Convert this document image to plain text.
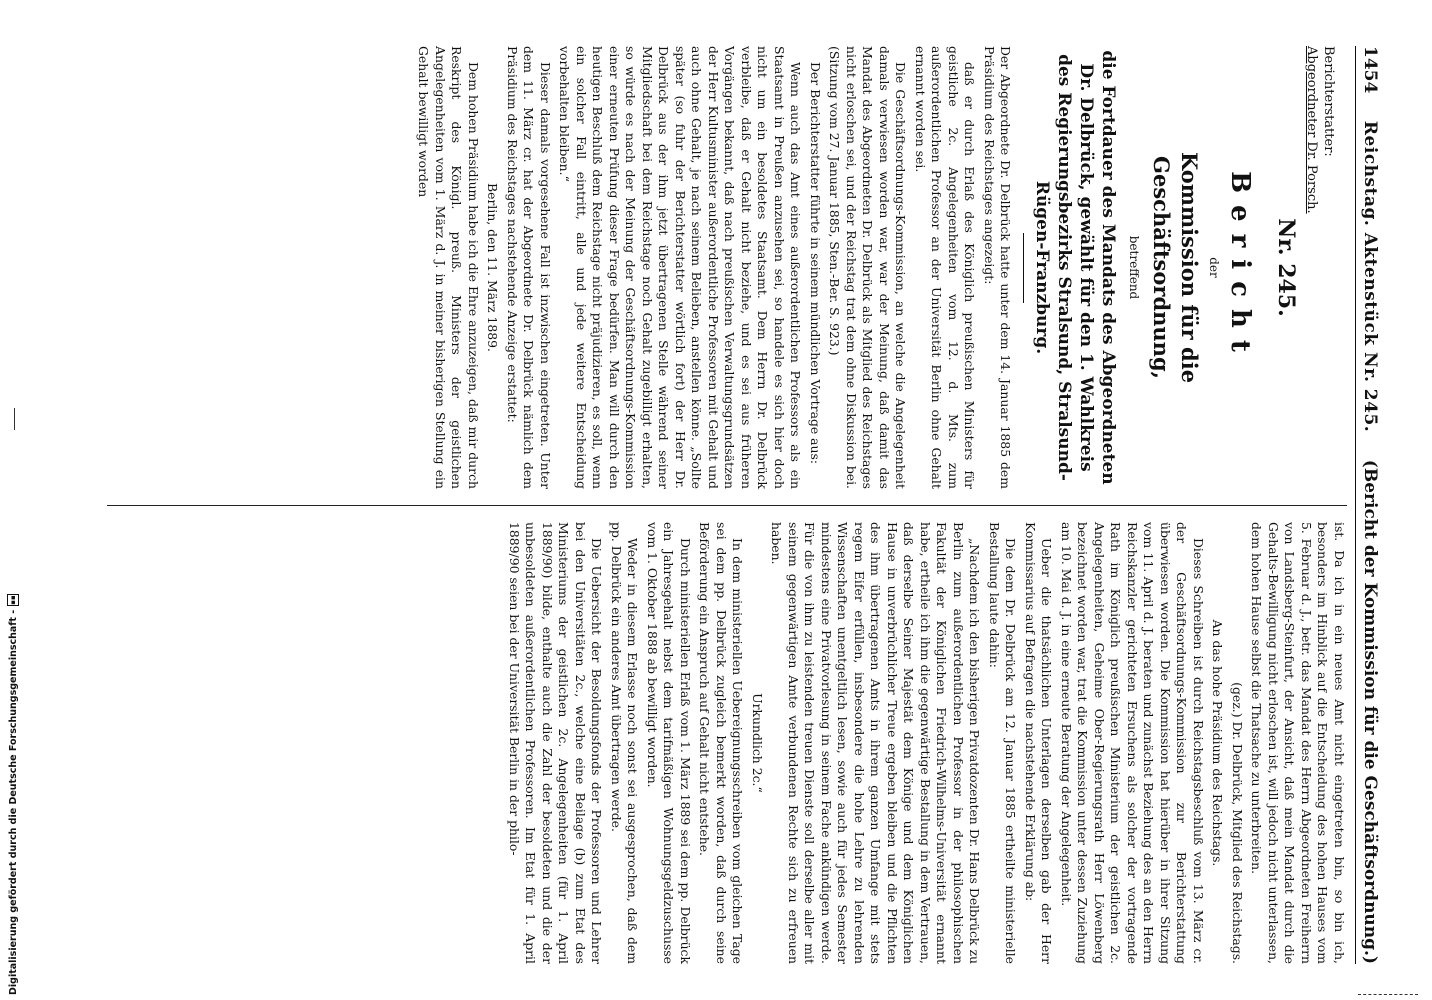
1454
Reichstag. Aktenstück Nr. 245.
(Bericht der Kommission für die Geschäftsordnung.)
Berichterstatter:
Abgeordneter Dr. Porsch.
Nr. 245.
Bericht
der
Kommission für die Geschäftsordnung,
betreffend
die Fortdauer des Mandats des Abgeordneten Dr. Delbrück, gewählt für den 1. Wahlkreis des Regierungsbezirks Stralsund, Stralsund-Rügen-Franzburg.

Der Abgeordnete Dr. Delbrück hatte unter dem 14. Januar 1885 dem Präsidium des Reichstages angezeigt:

daß er durch Erlaß des Königlich preußischen Ministers für geistliche 2c. Angelegenheiten vom 12. d. Mts. zum außerordentlichen Professor an der Universität Berlin ohne Gehalt ernannt worden sei.

Die Geschäftsordnungs-Kommission, an welche die Angelegenheit damals verwiesen worden war, war der Meinung, daß damit das Mandat des Abgeordneten Dr. Delbrück als Mitglied des Reichstages nicht erloschen sei, und der Reichstag trat dem ohne Diskussion bei. (Sitzung vom 27. Januar 1885, Sten.-Ber. S. 923.)

Der Berichterstatter führte in seinem mündlichen Vortrage aus:

Wenn auch das Amt eines außerordentlichen Professors als ein Staatsamt in Preußen anzusehen sei, so handele es sich hier doch nicht um ein besoldetes Staatsamt. Dem Herrn Dr. Delbrück verbleibe, daß er Gehalt nicht beziehe, und es sei aus früheren Vorgängen bekannt, daß nach preußischen Verwaltungsgrundsätzen der Herr Kultusminister außerordentliche Professoren mit Gehalt und auch ohne Gehalt, je nach seinem Belieben, anstellen könne. „Sollte später (so fuhr der Berichterstatter wörtlich fort) der Herr Dr. Delbrück aus der ihm jetzt übertragenen Stelle während seiner Mitgliedschaft bei dem Reichstage noch Gehalt zugebilligt erhalten, so würde es nach der Meinung der Geschäftsordnungs-Kommission einer erneuten Prüfung dieser Frage bedürfen. Man will durch den heutigen Beschluß dem Reichstage nicht präjudizieren, es soll, wenn ein solcher Fall eintritt, alle und jede weitere Entscheidung vorbehalten bleiben.“

Dieser damals vorgesehene Fall ist inzwischen eingetreten. Unter dem 11. März cr. hat der Abgeordnete Dr. Delbrück nämlich dem Präsidium des Reichstages nachstehende Anzeige erstattet:

Berlin, den 11. März 1889.

Dem hohen Präsidium habe ich die Ehre anzuzeigen, daß mir durch Reskript des Königl. preuß. Ministers der geistlichen Angelegenheiten vom 1. März d. J. in meiner bisherigen Stellung ein Gehalt bewilligt worden

ist. Da ich in ein neues Amt nicht eingetreten bin, so bin ich, besonders im Hinblick auf die Entscheidung des hohen Hauses vom 5. Februar d. J., betr. das Mandat des Herrn Abgeordneten Freiherrn von Landsberg-Steinfurt, der Ansicht, daß mein Mandat durch die Gehalts-Bewilligung nicht erloschen ist, will jedoch nicht unterlassen, dem hohen Hause selbst die Thatsache zu unterbreiten.

(gez.) Dr. Delbrück, Mitglied des Reichstags.

An das hohe Präsidium des Reichstags.

Dieses Schreiben ist durch Reichstagsbeschluß vom 13. März cr. der Geschäftsordnungs-Kommission zur Berichterstattung überwiesen worden. Die Kommission hat hierüber in ihrer Sitzung vom 11. April d. J. beraten und zunächst Beziehung des an den Herrn Reichskanzler gerichteten Ersuchens als solcher der vortragende Rath im Königlich preußischen Ministerium der geistlichen 2c. Angelegenheiten, Geheime Ober-Regierungsrath Herr Löwenberg bezeichnet worden war, trat die Kommission unter dessen Zuziehung am 10. Mai d. J. in eine erneute Beratung der Angelegenheit.

Ueber die thatsächlichen Unterlagen derselben gab der Herr Kommissarius auf Befragen die nachstehende Erklärung ab:

Die dem Dr. Delbrück am 12. Januar 1885 ertheilte ministerielle Bestallung laute dahin:

„Nachdem ich den bisherigen Privatdozenten Dr. Hans Delbrück zu Berlin zum außerordentlichen Professor in der philosophischen Fakultät der Königlichen Friedrich-Wilhelms-Universität ernannt habe, ertheile ich ihm die gegenwärtige Bestallung in dem Vertrauen, daß derselbe Seiner Majestät dem Könige und dem Königlichen Hause in unverbrüchlicher Treue ergeben bleiben und die Pflichten des ihm übertragenen Amts in ihrem ganzen Umfange mit stets regem Eifer erfüllen, insbesondere die hohe Lehre zu lehrenden Wissenschaften unentgeltlich lesen, sowie auch für jedes Semester mindestens eine Privatvorlesung in seinem Fache ankündigen werde. Für die von ihm zu leistenden treuen Dienste soll derselbe aller mit seinem gegenwärtigen Amte verbundenen Rechte sich zu erfreuen haben.

Urkundlich 2c.“

In dem ministeriellen Uebereignungsschreiben vom gleichen Tage sei dem pp. Delbrück zugleich bemerkt worden, daß durch seine Beförderung ein Anspruch auf Gehalt nicht entstehe.

Durch ministeriellen Erlaß vom 1. März 1889 sei dem pp. Delbrück ein Jahresgehalt nebst dem tarifmäßigen Wohnungsgeldzuschusse vom 1. Oktober 1888 ab bewilligt worden.

Weder in diesem Erlasse noch sonst sei ausgesprochen, daß dem pp. Delbrück ein anderes Amt übertragen werde.

Die Uebersicht der Besoldungsfonds der Professoren und Lehrer bei den Universitäten 2c., welche eine Beilage (b) zum Etat des Ministeriums der geistlichen 2c. Angelegenheiten (für 1. April 1889/90) bilde, enthalte auch die Zahl der besoldeten und die der unbesoldeten außerordentlichen Professoren. Im Etat für 1. April 1889/90 seien bei der Universität Berlin in der philo-

Digitalisierung gefördert durch die Deutsche Forschungsgemeinschaft -
▪▪
